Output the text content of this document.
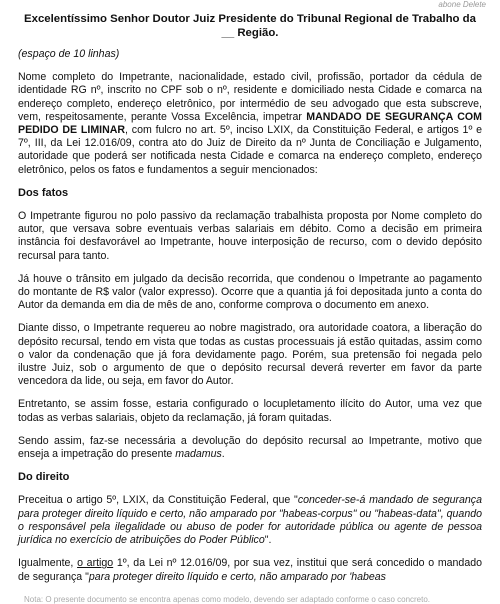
abone Delete
Excelentíssimo Senhor Doutor Juiz Presidente do Tribunal Regional de Trabalho da
__ Região.
(espaço de 10 linhas)

Nome completo do Impetrante, nacionalidade, estado civil, profissão, portador da cédula de identidade RG nº, inscrito no CPF sob o nº, residente e domiciliado nesta Cidade e comarca na endereço completo, endereço eletrônico, por intermédio de seu advogado que esta subscreve, vem, respeitosamente, perante Vossa Excelência, impetrar MANDADO DE SEGURANÇA COM PEDIDO DE LIMINAR, com fulcro no art. 5º, inciso LXIX, da Constituição Federal, e artigos 1º e 7º, III, da Lei 12.016/09, contra ato do Juiz de Direito da nº Junta de Conciliação e Julgamento, autoridade que poderá ser notificada nesta Cidade e comarca na endereço completo, endereço eletrônico, pelos os fatos e fundamentos a seguir mencionados:

Dos fatos

O Impetrante figurou no polo passivo da reclamação trabalhista proposta por Nome completo do autor, que versava sobre eventuais verbas salariais em débito. Como a decisão em primeira instância foi desfavorável ao Impetrante, houve interposição de recurso, com o devido depósito recursal para tanto.

Já houve o trânsito em julgado da decisão recorrida, que condenou o Impetrante ao pagamento do montante de R$ valor (valor expresso). Ocorre que a quantia já foi depositada junto a conta do Autor da demanda em dia de mês de ano, conforme comprova o documento em anexo.

Diante disso, o Impetrante requereu ao nobre magistrado, ora autoridade coatora, a liberação do depósito recursal, tendo em vista que todas as custas processuais já estão quitadas, assim como o valor da condenação que já fora devidamente pago. Porém, sua pretensão foi negada pelo ilustre Juiz, sob o argumento de que o depósito recursal deverá reverter em favor da parte vencedora da lide, ou seja, em favor do Autor.

Entretanto, se assim fosse, estaria configurado o locupletamento ilícito do Autor, uma vez que todas as verbas salariais, objeto da reclamação, já foram quitadas.

Sendo assim, faz-se necessária a devolução do depósito recursal ao Impetrante, motivo que enseja a impetração do presente madamus.

Do direito

Preceitua o artigo 5º, LXIX, da Constituição Federal, que "conceder-se-á mandado de segurança para proteger direito líquido e certo, não amparado por "habeas-corpus" ou "habeas-data", quando o responsável pela ilegalidade ou abuso de poder for autoridade pública ou agente de pessoa jurídica no exercício de atribuições do Poder Público".

Igualmente, o artigo 1º, da Lei nº 12.016/09, por sua vez, institui que será concedido o mandado de segurança "para proteger direito líquido e certo, não amparado por 'habeas

Nota: O presente documento se encontra apenas como modelo, devendo ser adaptado conforme o caso concreto.
